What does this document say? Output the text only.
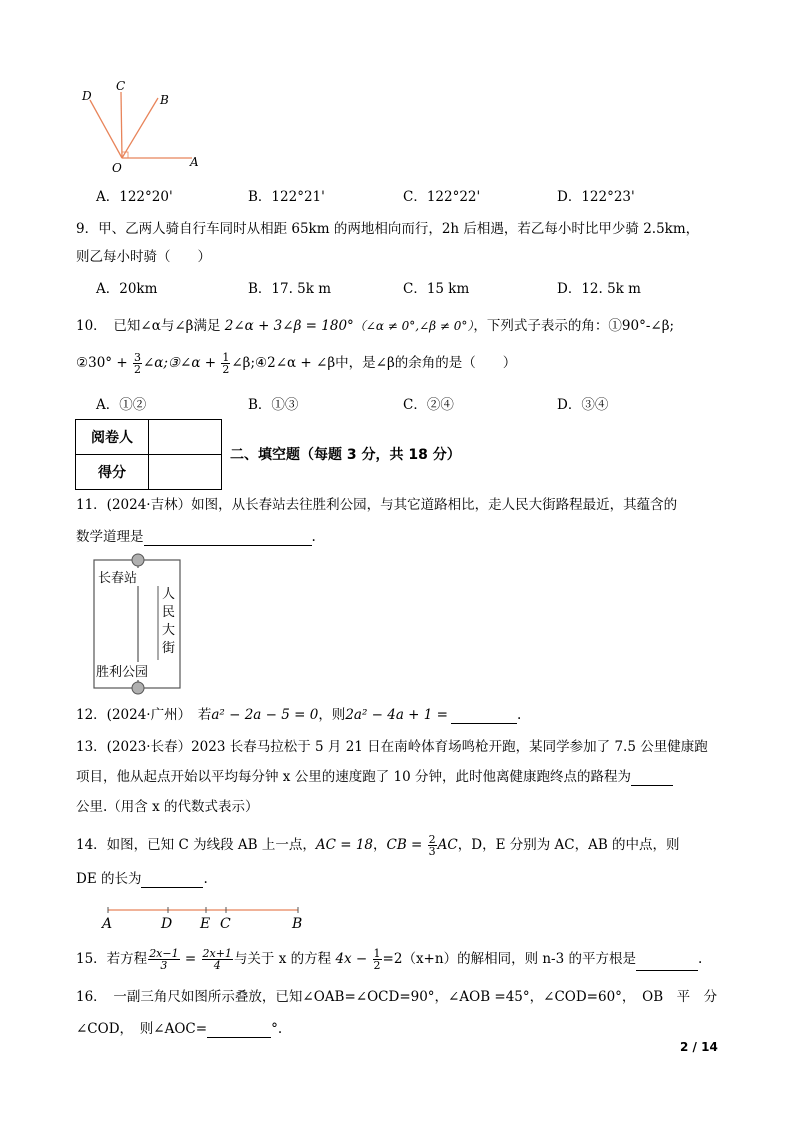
D
C
B
O	A
A．122°20'	B．122°21'	C．122°22'	D．122°23'
9．甲、乙两人骑自行车同时从相距 65km 的两地相向而行，2h 后相遇，若乙每小时比甲少骑 2.5km，
则乙每小时骑（　　）
A．20km	B．17. 5k m	C．15 km	D．12. 5k m
10．　已知∠α与∠β满足 2∠α + 3∠β = 180°（∠α ≠ 0°,∠β ≠ 0°），下列式子表示的角：①90°-∠β;
②30° + $\frac{3}{2}$ ∠α;③∠α + $\frac{1}{2}$ ∠β;④2∠α + ∠β中，是∠β的余角的是（　　）
A．①②	B．①③	C．②④	D．③④
阅卷人	
得分	
二、填空题（每题 3 分，共 18 分）
11．(2024·吉林）如图，从长春站去往胜利公园，与其它道路相比，走人民大街路程最近，其蕴含的
数学道理是	.
长春站
胜利公园
人
民
大
街
12．(2024·广州）　若a² − 2a − 5 = 0，则2a² − 4a + 1 =	.
13．(2023·长春）2023 长春马拉松于 5 月 21 日在南岭体育场鸣枪开跑，某同学参加了 7.5 公里健康跑
项目，他从起点开始以平均每分钟 x 公里的速度跑了 10 分钟，此时他离健康跑终点的路程为
公里.（用含 x 的代数式表示）
14．如图，已知 C 为线段 AB 上一点，AC = 18，CB = $\frac{2}{3}$ AC，D，E 分别为 AC，AB 的中点，则
DE 的长为	.
A	D E C	B
15．若方程 $\frac{2x-1}{3} = \frac{2x+1}{4}$ 与关于 x 的方程 $4x - \frac{1}{2} =2(x+n)$的解相同，则 n-3 的平方根是	.
16．　一副三角尺如图所示叠放，已知∠OAB=∠OCD=90°，∠AOB =45°，∠COD=60°，　OB　平　分
∠COD，　则∠AOC=	°.
2 / 14
